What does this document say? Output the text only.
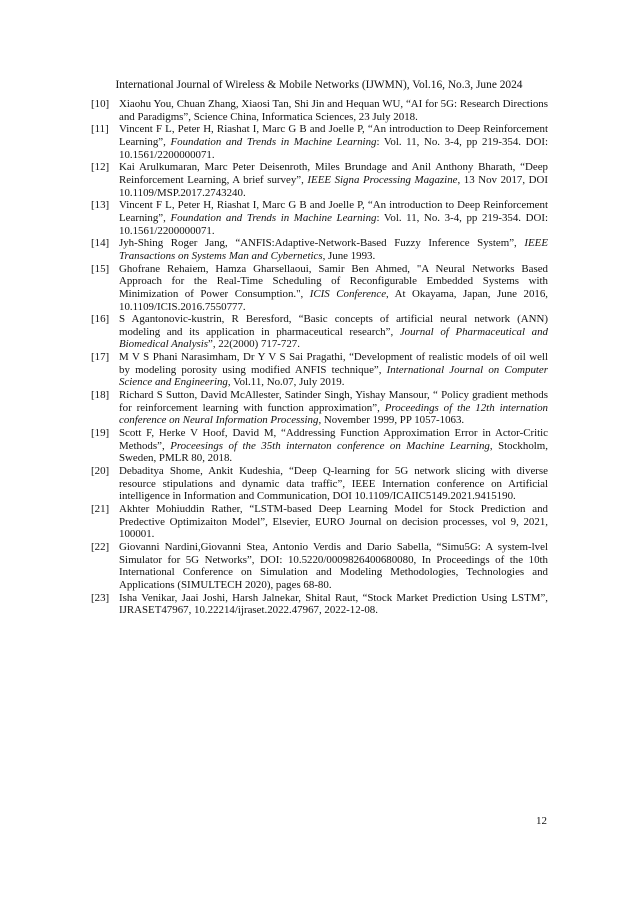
International Journal of Wireless & Mobile Networks (IJWMN), Vol.16, No.3, June 2024
[10] Xiaohu You, Chuan Zhang, Xiaosi Tan, Shi Jin and Hequan WU, “AI for 5G: Research Directions and Paradigms”, Science China, Informatica Sciences, 23 July 2018.
[11] Vincent F L, Peter H, Riashat I, Marc G B and Joelle P, “An introduction to Deep Reinforcement Learning”, Foundation and Trends in Machine Learning: Vol. 11, No. 3-4, pp 219-354. DOI: 10.1561/2200000071.
[12] Kai Arulkumaran, Marc Peter Deisenroth, Miles Brundage and Anil Anthony Bharath, “Deep Reinforcement Learning, A brief survey”, IEEE Signa Processing Magazine, 13 Nov 2017, DOI 10.1109/MSP.2017.2743240.
[13] Vincent F L, Peter H, Riashat I, Marc G B and Joelle P, “An introduction to Deep Reinforcement Learning”, Foundation and Trends in Machine Learning: Vol. 11, No. 3-4, pp 219-354. DOI: 10.1561/2200000071.
[14] Jyh-Shing Roger Jang, “ANFIS:Adaptive-Network-Based Fuzzy Inference System”, IEEE Transactions on Systems Man and Cybernetics, June 1993.
[15] Ghofrane Rehaiem, Hamza Gharsellaoui, Samir Ben Ahmed, "A Neural Networks Based Approach for the Real-Time Scheduling of Reconfigurable Embedded Systems with Minimization of Power Consumption.", ICIS Conference, At Okayama, Japan, June 2016, 10.1109/ICIS.2016.7550777.
[16] S Agantonovic-kustrin, R Beresford, “Basic concepts of artificial neural network (ANN) modeling and its application in pharmaceutical research”, Journal of Pharmaceutical and Biomedical Analysis”, 22(2000) 717-727.
[17] M V S Phani Narasimham, Dr Y V S Sai Pragathi, “Development of realistic models of oil well by modeling porosity using modified ANFIS technique”, International Journal on Computer Science and Engineering, Vol.11, No.07, July 2019.
[18] Richard S Sutton, David McAllester, Satinder Singh, Yishay Mansour, “ Policy gradient methods for reinforcement learning with function approximation”, Proceedings of the 12th internation conference on Neural Information Processing, November 1999, PP 1057-1063.
[19] Scott F, Herke V Hoof, David M, “Addressing Function Approximation Error in Actor-Critic Methods”, Proceesings of the 35th internaton conference on Machine Learning, Stockholm, Sweden, PMLR 80, 2018.
[20] Debaditya Shome, Ankit Kudeshia, “Deep Q-learning for 5G network slicing with diverse resource stipulations and dynamic data traffic”, IEEE Internation conference on Artificial intelligence in Information and Communication, DOI 10.1109/ICAIIC5149.2021.9415190.
[21] Akhter Mohiuddin Rather, “LSTM-based Deep Learning Model for Stock Prediction and Predective Optimizaiton Model”, Elsevier, EURO Journal on decision processes, vol 9, 2021, 100001.
[22] Giovanni Nardini,Giovanni Stea, Antonio Verdis and Dario Sabella, “Simu5G: A system-lvel Simulator for 5G Networks”, DOI: 10.5220/0009826400680080, In Proceedings of the 10th International Conference on Simulation and Modeling Methodologies, Technologies and Applications (SIMULTECH 2020), pages 68-80.
[23] Isha Venikar, Jaai Joshi, Harsh Jalnekar, Shital Raut, “Stock Market Prediction Using LSTM”, IJRASET47967, 10.22214/ijraset.2022.47967, 2022-12-08.
12
